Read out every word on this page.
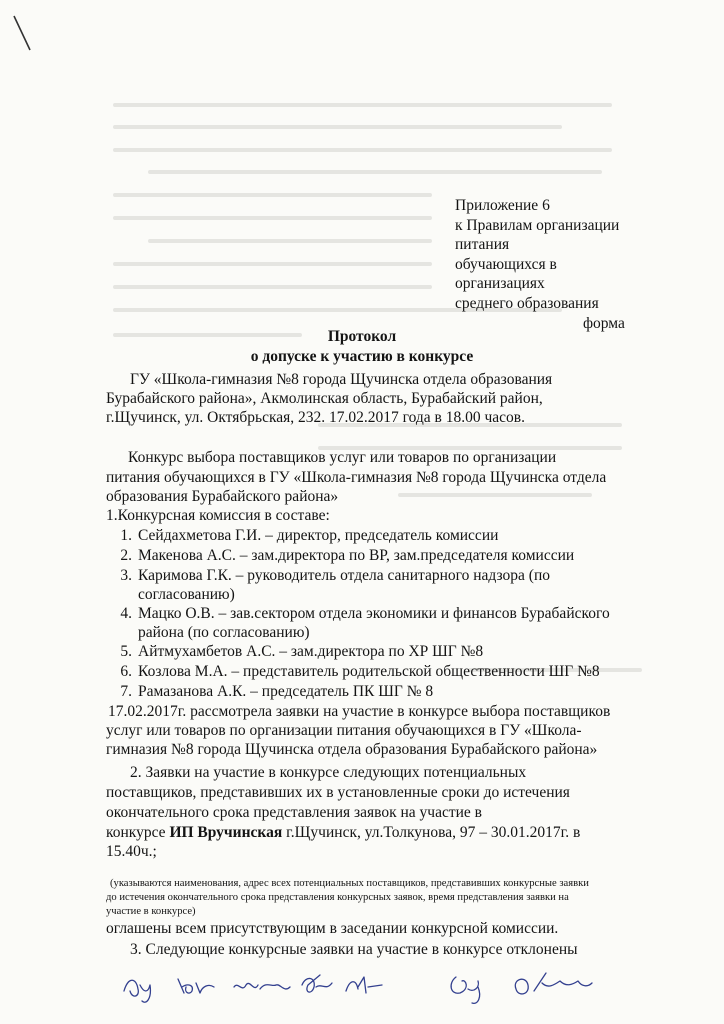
Приложение 6
к Правилам организации
питания
обучающихся в
организациях
среднего образования
форма
Протокол
о допуске к участию в конкурсе
ГУ «Школа-гимназия №8 города Щучинска отдела образования
Бурабайского района», Акмолинская область, Бурабайский район,
г.Щучинск, ул. Октябрьская, 232. 17.02.2017 года в 18.00 часов.
Конкурс выбора поставщиков услуг или товаров по организации
питания обучающихся в ГУ «Школа-гимназия №8 города Щучинска отдела
образования Бурабайского района»
1.Конкурсная комиссия в составе:
1. Сейдахметова Г.И. – директор, председатель комиссии
2. Макенова А.С. – зам.директора по ВР, зам.председателя комиссии
3. Каримова Г.К. – руководитель отдела санитарного надзора (по
согласованию)
4. Мацко О.В. – зав.сектором отдела экономики и финансов Бурабайского
района (по согласованию)
5. Айтмухамбетов А.С. – зам.директора по ХР ШГ №8
6. Козлова М.А. – представитель родительской общественности ШГ №8
7. Рамазанова А.К. – председатель ПК ШГ № 8
17.02.2017г. рассмотрела заявки на участие в конкурсе выбора поставщиков
услуг или товаров по организации питания обучающихся в ГУ «Школа-
гимназия №8 города Щучинска отдела образования Бурабайского района»
2. Заявки на участие в конкурсе следующих потенциальных
поставщиков, представивших их в установленные сроки до истечения
окончательного срока представления заявок на участие в
конкурсе ИП Вручинская г.Щучинск, ул.Толкунова, 97 – 30.01.2017г. в
15.40ч.;
(указываются наименования, адрес всех потенциальных поставщиков, представивших конкурсные заявки
до истечения окончательного срока представления конкурсных заявок, время представления заявки на
участие в конкурсе)
оглашены всем присутствующим в заседании конкурсной комиссии.
3. Следующие конкурсные заявки на участие в конкурсе отклонены
